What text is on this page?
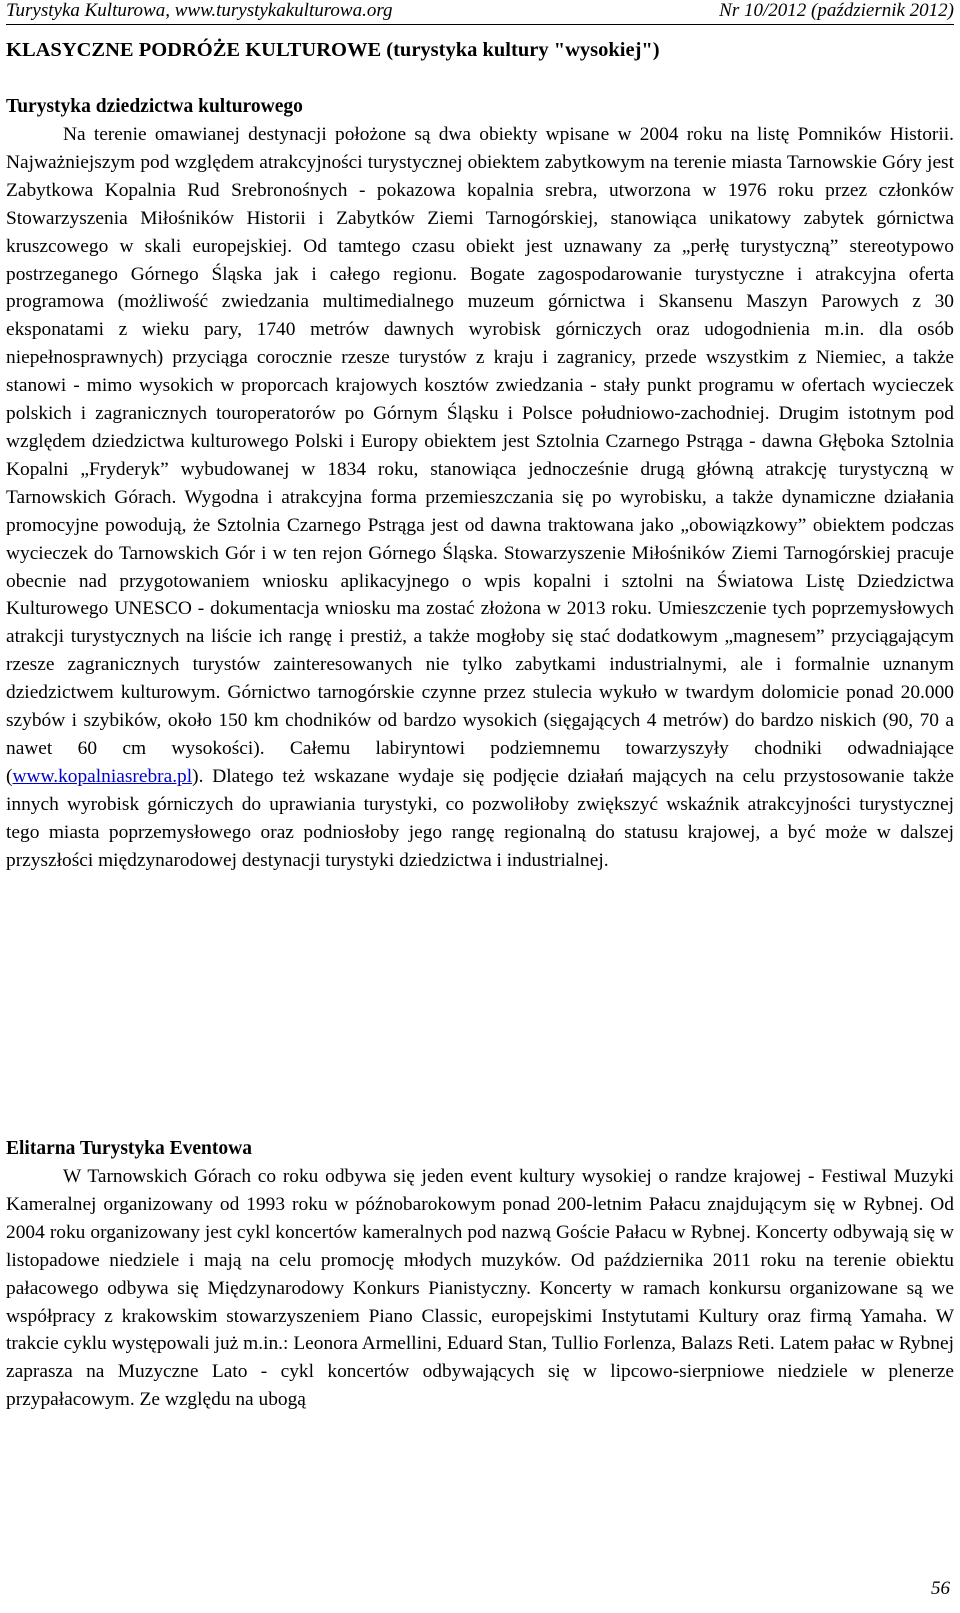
Turystyka Kulturowa, www.turystykakulturowa.org	Nr 10/2012 (październik 2012)
KLASYCZNE PODRÓŻE KULTUROWE (turystyka kultury "wysokiej")
Turystyka dziedzictwa kulturowego

Na terenie omawianej destynacji położone są dwa obiekty wpisane w 2004 roku na listę Pomników Historii. Najważniejszym pod względem atrakcyjności turystycznej obiektem zabytkowym na terenie miasta Tarnowskie Góry jest Zabytkowa Kopalnia Rud Srebronośnych - pokazowa kopalnia srebra, utworzona w 1976 roku przez członków Stowarzyszenia Miłośników Historii i Zabytków Ziemi Tarnogórskiej, stanowiąca unikatowy zabytek górnictwa kruszcowego w skali europejskiej. Od tamtego czasu obiekt jest uznawany za „perłę turystyczną” stereotypowo postrzeganego Górnego Śląska jak i całego regionu. Bogate zagospodarowanie turystyczne i atrakcyjna oferta programowa (możliwość zwiedzania multimedialnego muzeum górnictwa i Skansenu Maszyn Parowych z 30 eksponatami z wieku pary, 1740 metrów dawnych wyrobisk górniczych oraz udogodnienia m.in. dla osób niepełnosprawnych) przyciąga corocznie rzesze turystów z kraju i zagranicy, przede wszystkim z Niemiec, a także stanowi - mimo wysokich w proporcach krajowych kosztów zwiedzania - stały punkt programu w ofertach wycieczek polskich i zagranicznych touroperatorów po Górnym Śląsku i Polsce południowo-zachodniej. Drugim istotnym pod względem dziedzictwa kulturowego Polski i Europy obiektem jest Sztolnia Czarnego Pstrąga - dawna Głęboka Sztolnia Kopalni „Fryderyk” wybudowanej w 1834 roku, stanowiąca jednocześnie drugą główną atrakcję turystyczną w Tarnowskich Górach. Wygodna i atrakcyjna forma przemieszczania się po wyrobisku, a także dynamiczne działania promocyjne powodują, że Sztolnia Czarnego Pstrąga jest od dawna traktowana jako „obowiązkowy” obiektem podczas wycieczek do Tarnowskich Gór i w ten rejon Górnego Śląska. Stowarzyszenie Miłośników Ziemi Tarnogórskiej pracuje obecnie nad przygotowaniem wniosku aplikacyjnego o wpis kopalni i sztolni na Światowa Listę Dziedzictwa Kulturowego UNESCO - dokumentacja wniosku ma zostać złożona w 2013 roku. Umieszczenie tych poprzemysłowych atrakcji turystycznych na liście ich rangę i prestiż, a także mogłoby się stać dodatkowym „magnesem” przyciągającym rzesze zagranicznych turystów zainteresowanych nie tylko zabytkami industrialnymi, ale i formalnie uznanym dziedzictwem kulturowym. Górnictwo tarnogórskie czynne przez stulecia wykuło w twardym dolomicie ponad 20.000 szybów i szybików, około 150 km chodników od bardzo wysokich (sięgających 4 metrów) do bardzo niskich (90, 70 a nawet 60 cm wysokości). Całemu labiryntowi podziemnemu towarzyszyły chodniki odwadniające (www.kopalniasrebra.pl). Dlatego też wskazane wydaje się podjęcie działań mających na celu przystosowanie także innych wyrobisk górniczych do uprawiania turystyki, co pozwoliłoby zwiększyć wskaźnik atrakcyjności turystycznej tego miasta poprzemysłowego oraz podniosłoby jego rangę regionalną do statusu krajowej, a być może w dalszej przyszłości międzynarodowej destynacji turystyki dziedzictwa i industrialnej.

Elitarna Turystyka Eventowa

W Tarnowskich Górach co roku odbywa się jeden event kultury wysokiej o randze krajowej - Festiwal Muzyki Kameralnej organizowany od 1993 roku w późnobarokowym ponad 200-letnim Pałacu znajdującym się w Rybnej. Od 2004 roku organizowany jest cykl koncertów kameralnych pod nazwą Goście Pałacu w Rybnej. Koncerty odbywają się w listopadowe niedziele i mają na celu promocję młodych muzyków. Od października 2011 roku na terenie obiektu pałacowego odbywa się Międzynarodowy Konkurs Pianistyczny. Koncerty w ramach konkursu organizowane są we współpracy z krakowskim stowarzyszeniem Piano Classic, europejskimi Instytutami Kultury oraz firmą Yamaha. W trakcie cyklu występowali już m.in.: Leonora Armellini, Eduard Stan, Tullio Forlenza, Balazs Reti. Latem pałac w Rybnej zaprasza na Muzyczne Lato - cykl koncertów odbywających się w lipcowo-sierpniowe niedziele w plenerze przypałacowym. Ze względu na ubogą

56
